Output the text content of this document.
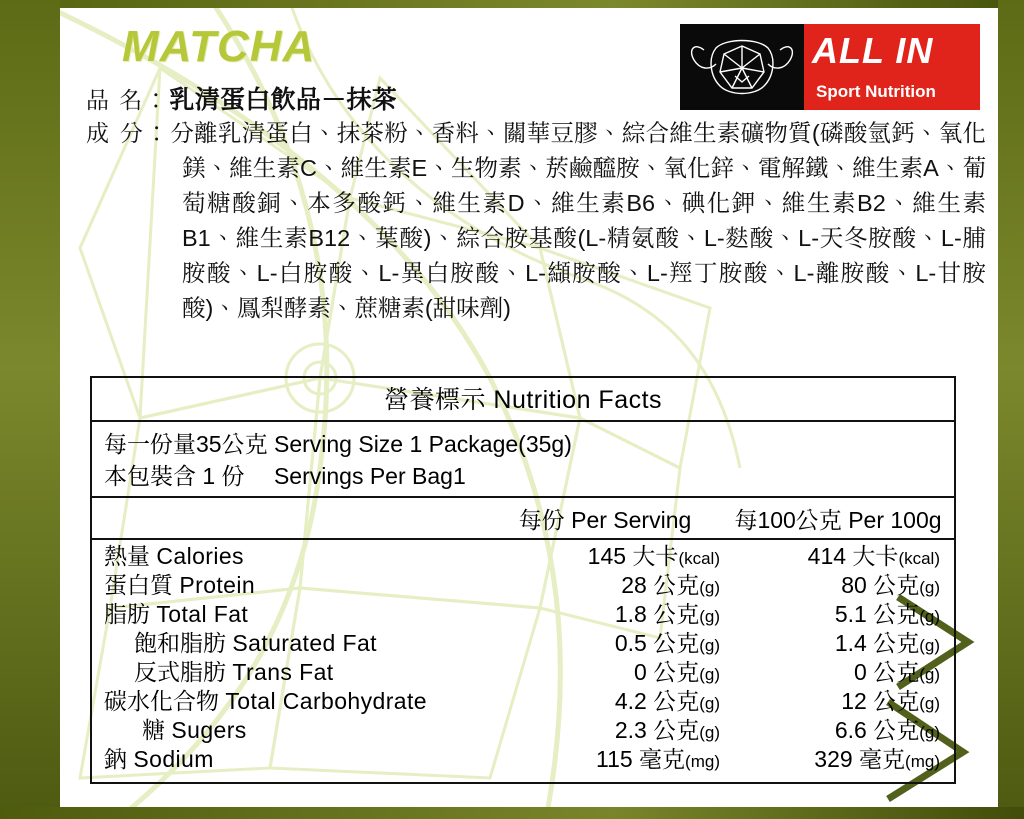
MATCHA	ALL IN
Sport Nutrition
品 名：乳清蛋白飲品－抹茶
成 分：分離乳清蛋白、抹茶粉、香料、關華豆膠、綜合維生素礦物質(磷酸氫鈣、氧化鎂、維生素C、維生素E、生物素、菸鹼醯胺、氧化鋅、電解鐵、維生素A、葡萄糖酸銅、本多酸鈣、維生素D、維生素B6、碘化鉀、維生素B2、維生素B1、維生素B12、葉酸)、綜合胺基酸(L-精氨酸、L-麩酸、L-天冬胺酸、L-脯胺酸、L-白胺酸、L-異白胺酸、L-纈胺酸、L-羥丁胺酸、L-離胺酸、L-甘胺酸)、鳳梨酵素、蔗糖素(甜味劑)
營養標示 Nutrition Facts
每一份量35公克 Serving Size 1 Package(35g)
本包裝含 1 份　 Servings Per Bag1
每份 Per Serving	每100公克 Per 100g
熱量 Calories	145 大卡(kcal)	414 大卡(kcal)
蛋白質 Protein	28 公克(g)	80 公克(g)
脂肪 Total Fat	1.8 公克(g)	5.1 公克(g)
飽和脂肪 Saturated Fat	0.5 公克(g)	1.4 公克(g)
反式脂肪 Trans Fat	0 公克(g)	0 公克(g)
碳水化合物 Total Carbohydrate	4.2 公克(g)	12 公克(g)
糖 Sugers	2.3 公克(g)	6.6 公克(g)
鈉 Sodium	115 毫克(mg)	329 毫克(mg)
